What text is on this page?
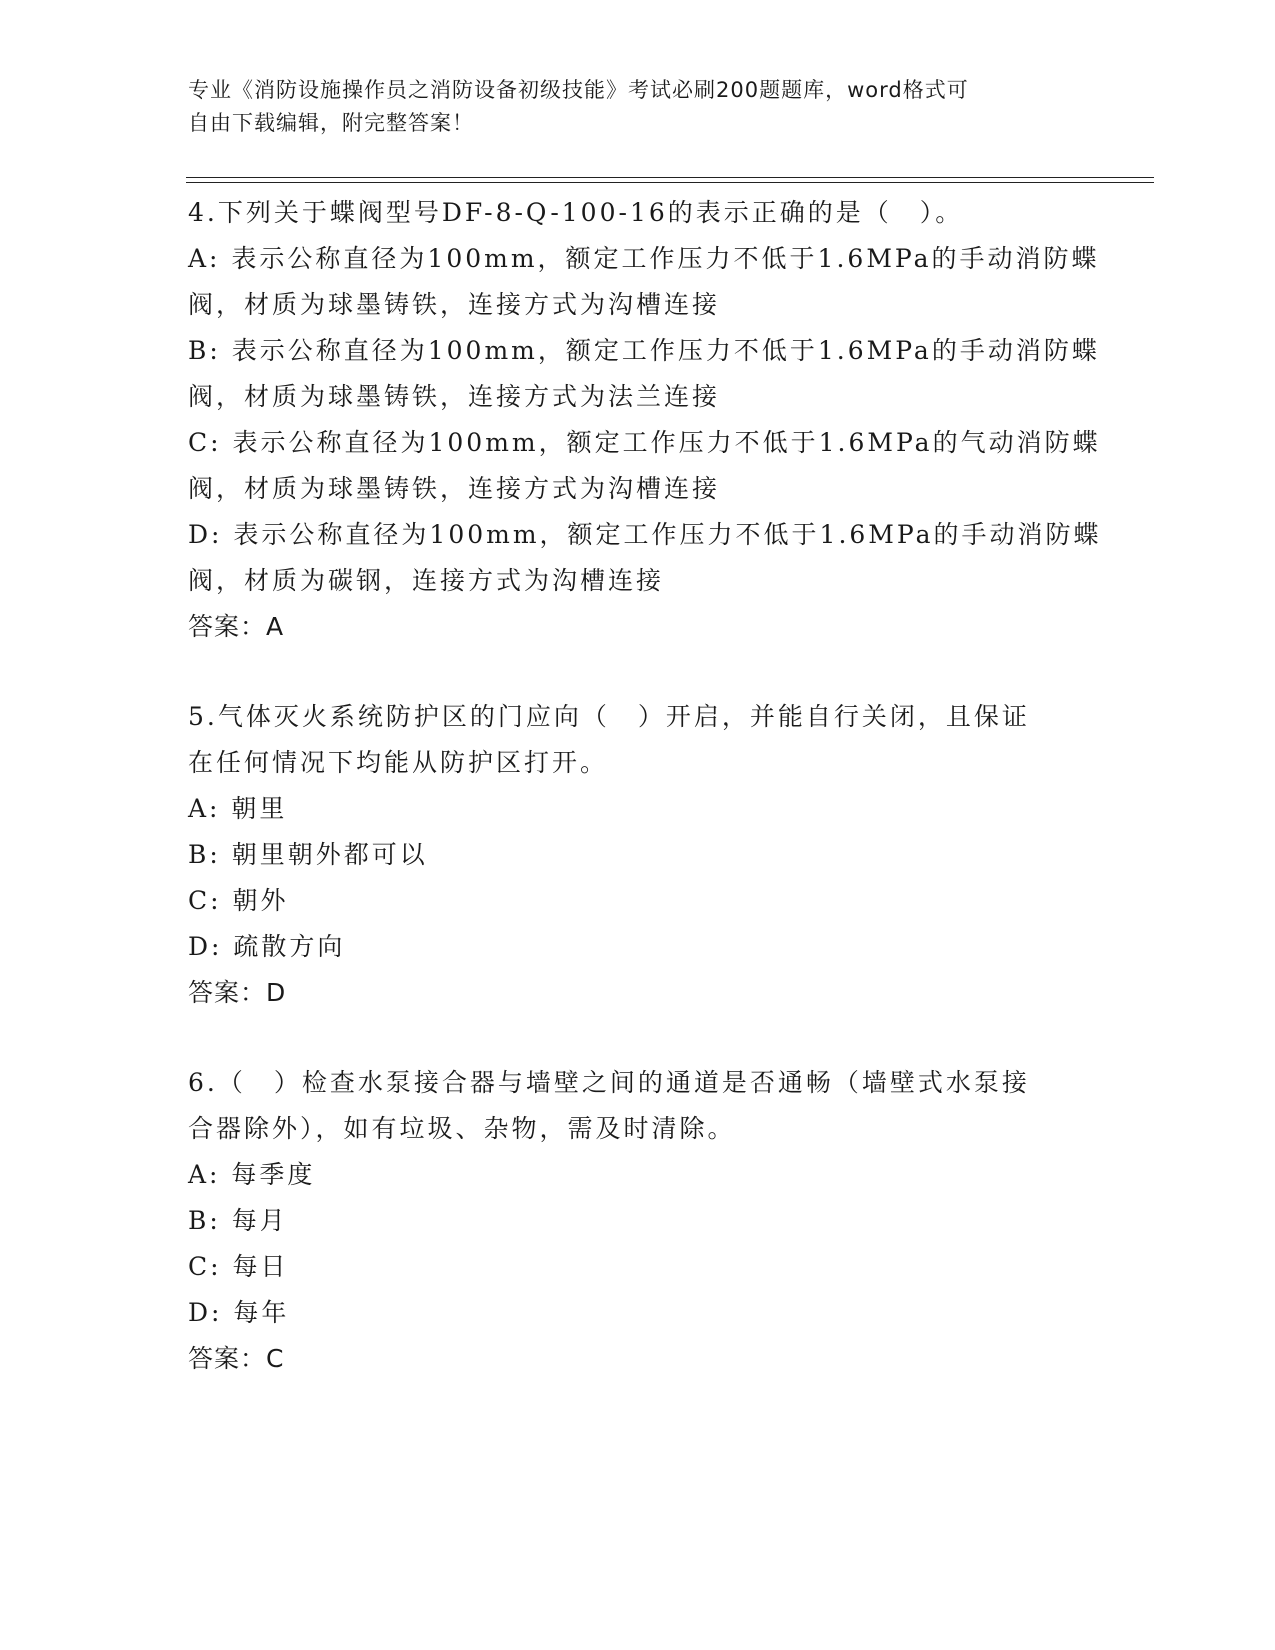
专业《消防设施操作员之消防设备初级技能》考试必刷200题题库，word格式可
自由下载编辑，附完整答案！
4.下列关于蝶阀型号DF-8-Q-100-16的表示正确的是（　）。
A: 表示公称直径为100mm，额定工作压力不低于1.6MPa的手动消防蝶
阀，材质为球墨铸铁，连接方式为沟槽连接
B: 表示公称直径为100mm，额定工作压力不低于1.6MPa的手动消防蝶
阀，材质为球墨铸铁，连接方式为法兰连接
C: 表示公称直径为100mm，额定工作压力不低于1.6MPa的气动消防蝶
阀，材质为球墨铸铁，连接方式为沟槽连接
D: 表示公称直径为100mm，额定工作压力不低于1.6MPa的手动消防蝶
阀，材质为碳钢，连接方式为沟槽连接
答案：A
5.气体灭火系统防护区的门应向（　）开启，并能自行关闭，且保证
在任何情况下均能从防护区打开。
A: 朝里
B: 朝里朝外都可以
C: 朝外
D: 疏散方向
答案：D
6.（　）检查水泵接合器与墙壁之间的通道是否通畅（墙壁式水泵接
合器除外），如有垃圾、杂物，需及时清除。
A: 每季度
B: 每月
C: 每日
D: 每年
答案：C
